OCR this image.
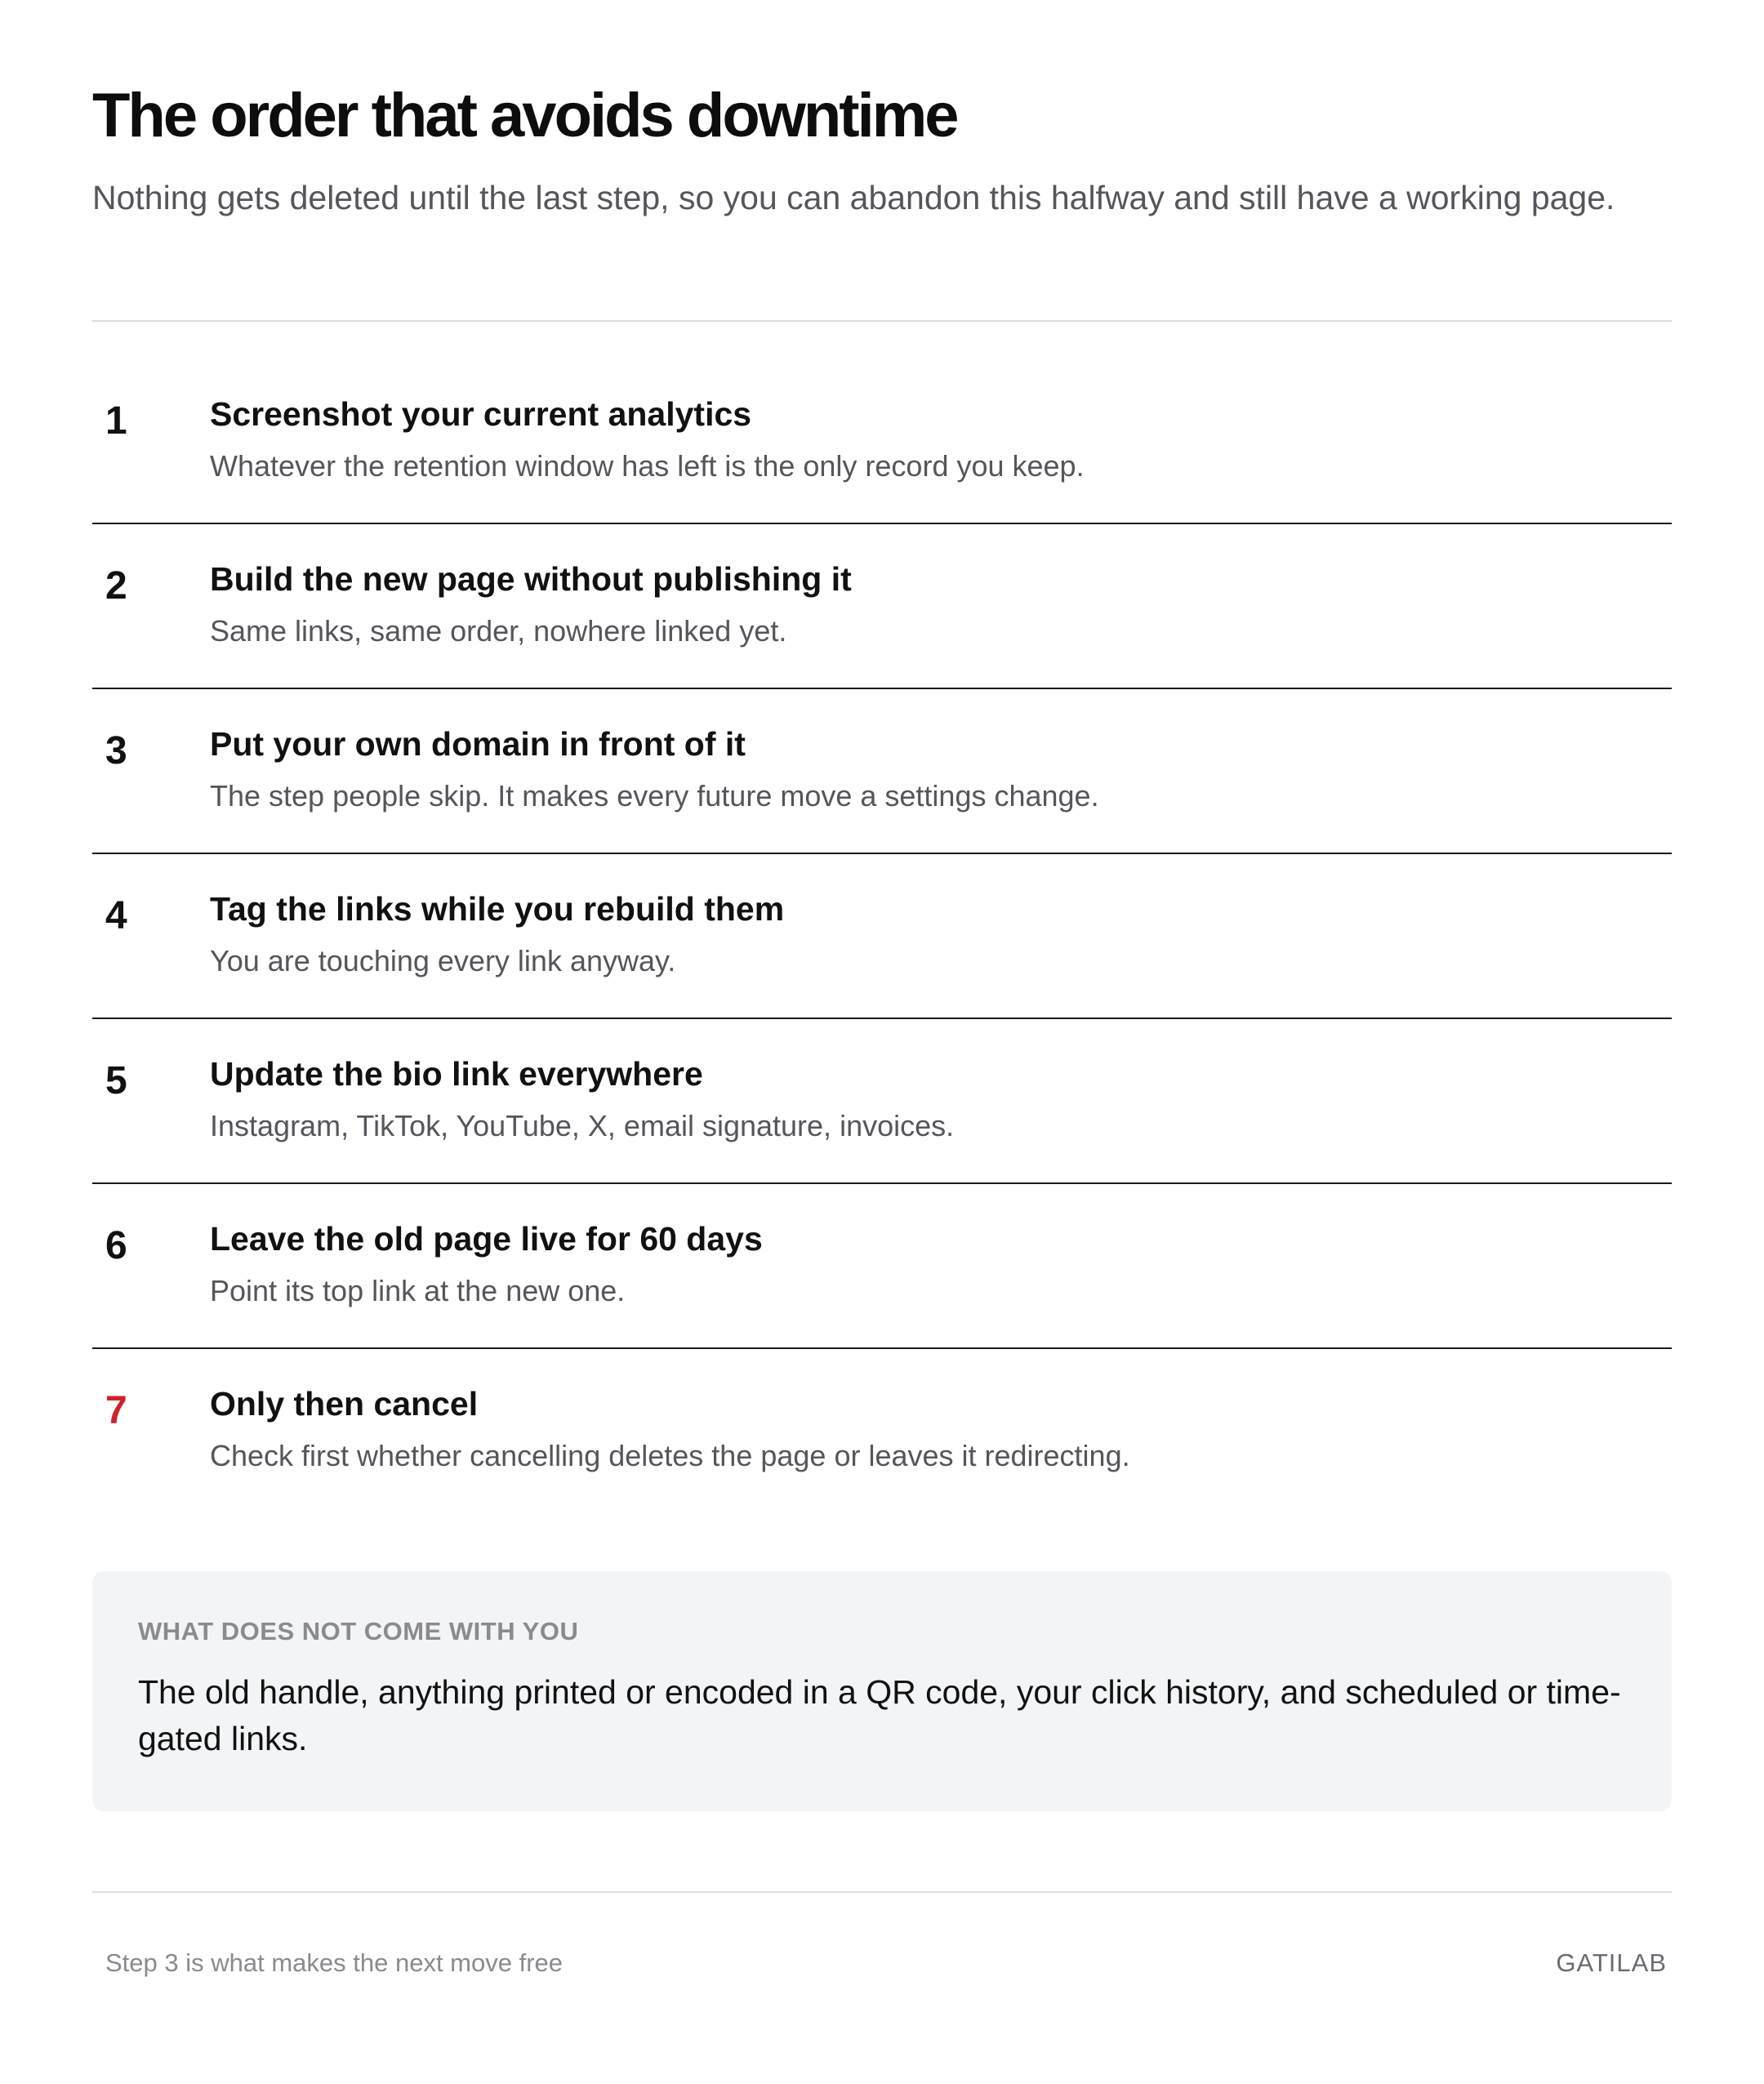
The order that avoids downtime

Nothing gets deleted until the last step, so you can abandon this halfway and still have a working page.

1 Screenshot your current analytics
Whatever the retention window has left is the only record you keep.
2 Build the new page without publishing it
Same links, same order, nowhere linked yet.
3 Put your own domain in front of it
The step people skip. It makes every future move a settings change.
4 Tag the links while you rebuild them
You are touching every link anyway.
5 Update the bio link everywhere
Instagram, TikTok, YouTube, X, email signature, invoices.
6 Leave the old page live for 60 days
Point its top link at the new one.
7 Only then cancel
Check first whether cancelling deletes the page or leaves it redirecting.

WHAT DOES NOT COME WITH YOU

The old handle, anything printed or encoded in a QR code, your click history, and scheduled or time-gated links.

Step 3 is what makes the next move free	GATILAB
